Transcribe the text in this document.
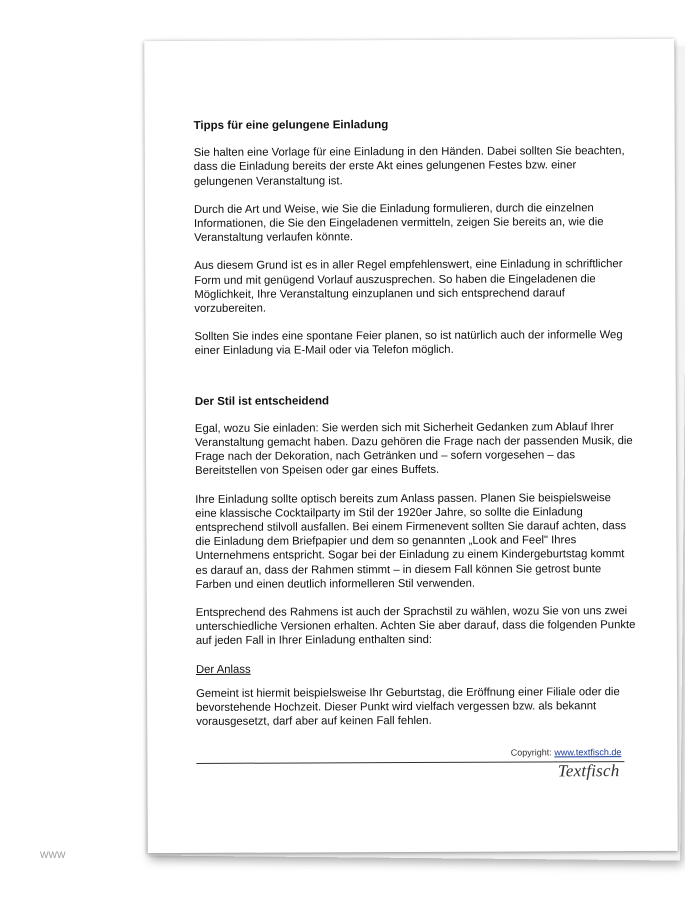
Tipps für eine gelungene Einladung

Sie halten eine Vorlage für eine Einladung in den Händen. Dabei sollten Sie beachten, dass die Einladung bereits der erste Akt eines gelungenen Festes bzw. einer gelungenen Veranstaltung ist.

Durch die Art und Weise, wie Sie die Einladung formulieren, durch die einzelnen Informationen, die Sie den Eingeladenen vermitteln, zeigen Sie bereits an, wie die Veranstaltung verlaufen könnte.

Aus diesem Grund ist es in aller Regel empfehlenswert, eine Einladung in schriftlicher Form und mit genügend Vorlauf auszusprechen. So haben die Eingeladenen die Möglichkeit, Ihre Veranstaltung einzuplanen und sich entsprechend darauf vorzubereiten.

Sollten Sie indes eine spontane Feier planen, so ist natürlich auch der informelle Weg einer Einladung via E-Mail oder via Telefon möglich.

Der Stil ist entscheidend

Egal, wozu Sie einladen: Sie werden sich mit Sicherheit Gedanken zum Ablauf Ihrer Veranstaltung gemacht haben. Dazu gehören die Frage nach der passenden Musik, die Frage nach der Dekoration, nach Getränken und – sofern vorgesehen – das Bereitstellen von Speisen oder gar eines Buffets.

Ihre Einladung sollte optisch bereits zum Anlass passen. Planen Sie beispielsweise eine klassische Cocktailparty im Stil der 1920er Jahre, so sollte die Einladung entsprechend stilvoll ausfallen. Bei einem Firmenevent sollten Sie darauf achten, dass die Einladung dem Briefpapier und dem so genannten „Look and Feel" Ihres Unternehmens entspricht. Sogar bei der Einladung zu einem Kindergeburtstag kommt es darauf an, dass der Rahmen stimmt – in diesem Fall können Sie getrost bunte Farben und einen deutlich informelleren Stil verwenden.

Entsprechend des Rahmens ist auch der Sprachstil zu wählen, wozu Sie von uns zwei unterschiedliche Versionen erhalten. Achten Sie aber darauf, dass die folgenden Punkte auf jeden Fall in Ihrer Einladung enthalten sind:

Der Anlass

Gemeint ist hiermit beispielsweise Ihr Geburtstag, die Eröffnung einer Filiale oder die bevorstehende Hochzeit. Dieser Punkt wird vielfach vergessen bzw. als bekannt vorausgesetzt, darf aber auf keinen Fall fehlen.

Copyright: www.textfisch.de
Textfisch
WWW
